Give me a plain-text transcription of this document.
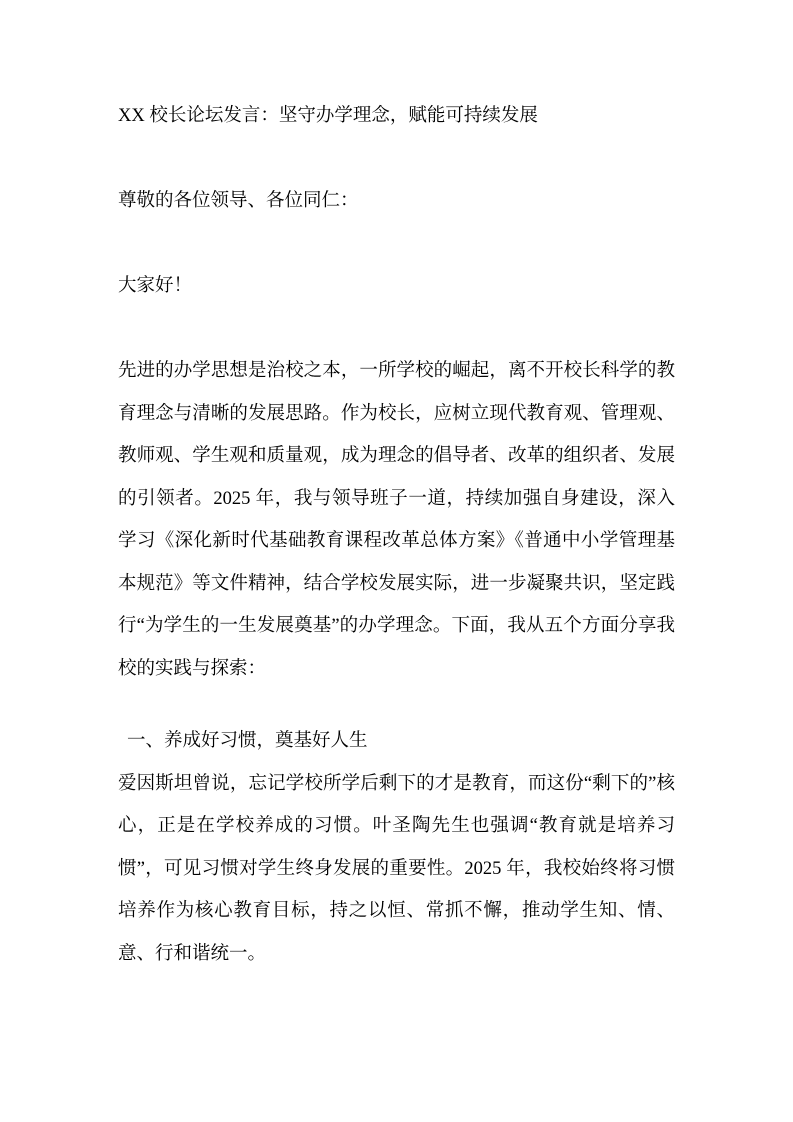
XX 校长论坛发言：坚守办学理念，赋能可持续发展

尊敬的各位领导、各位同仁：

大家好！

先进的办学思想是治校之本，一所学校的崛起，离不开校长科学的教育理念与清晰的发展思路。作为校长，应树立现代教育观、管理观、教师观、学生观和质量观，成为理念的倡导者、改革的组织者、发展的引领者。2025 年，我与领导班子一道，持续加强自身建设，深入学习《深化新时代基础教育课程改革总体方案》《普通中小学管理基本规范》等文件精神，结合学校发展实际，进一步凝聚共识，坚定践行“为学生的一生发展奠基”的办学理念。下面，我从五个方面分享我校的实践与探索：

一、养成好习惯，奠基好人生

爱因斯坦曾说，忘记学校所学后剩下的才是教育，而这份“剩下的”核心，正是在学校养成的习惯。叶圣陶先生也强调“教育就是培养习惯”，可见习惯对学生终身发展的重要性。2025 年，我校始终将习惯培养作为核心教育目标，持之以恒、常抓不懈，推动学生知、情、意、行和谐统一。
